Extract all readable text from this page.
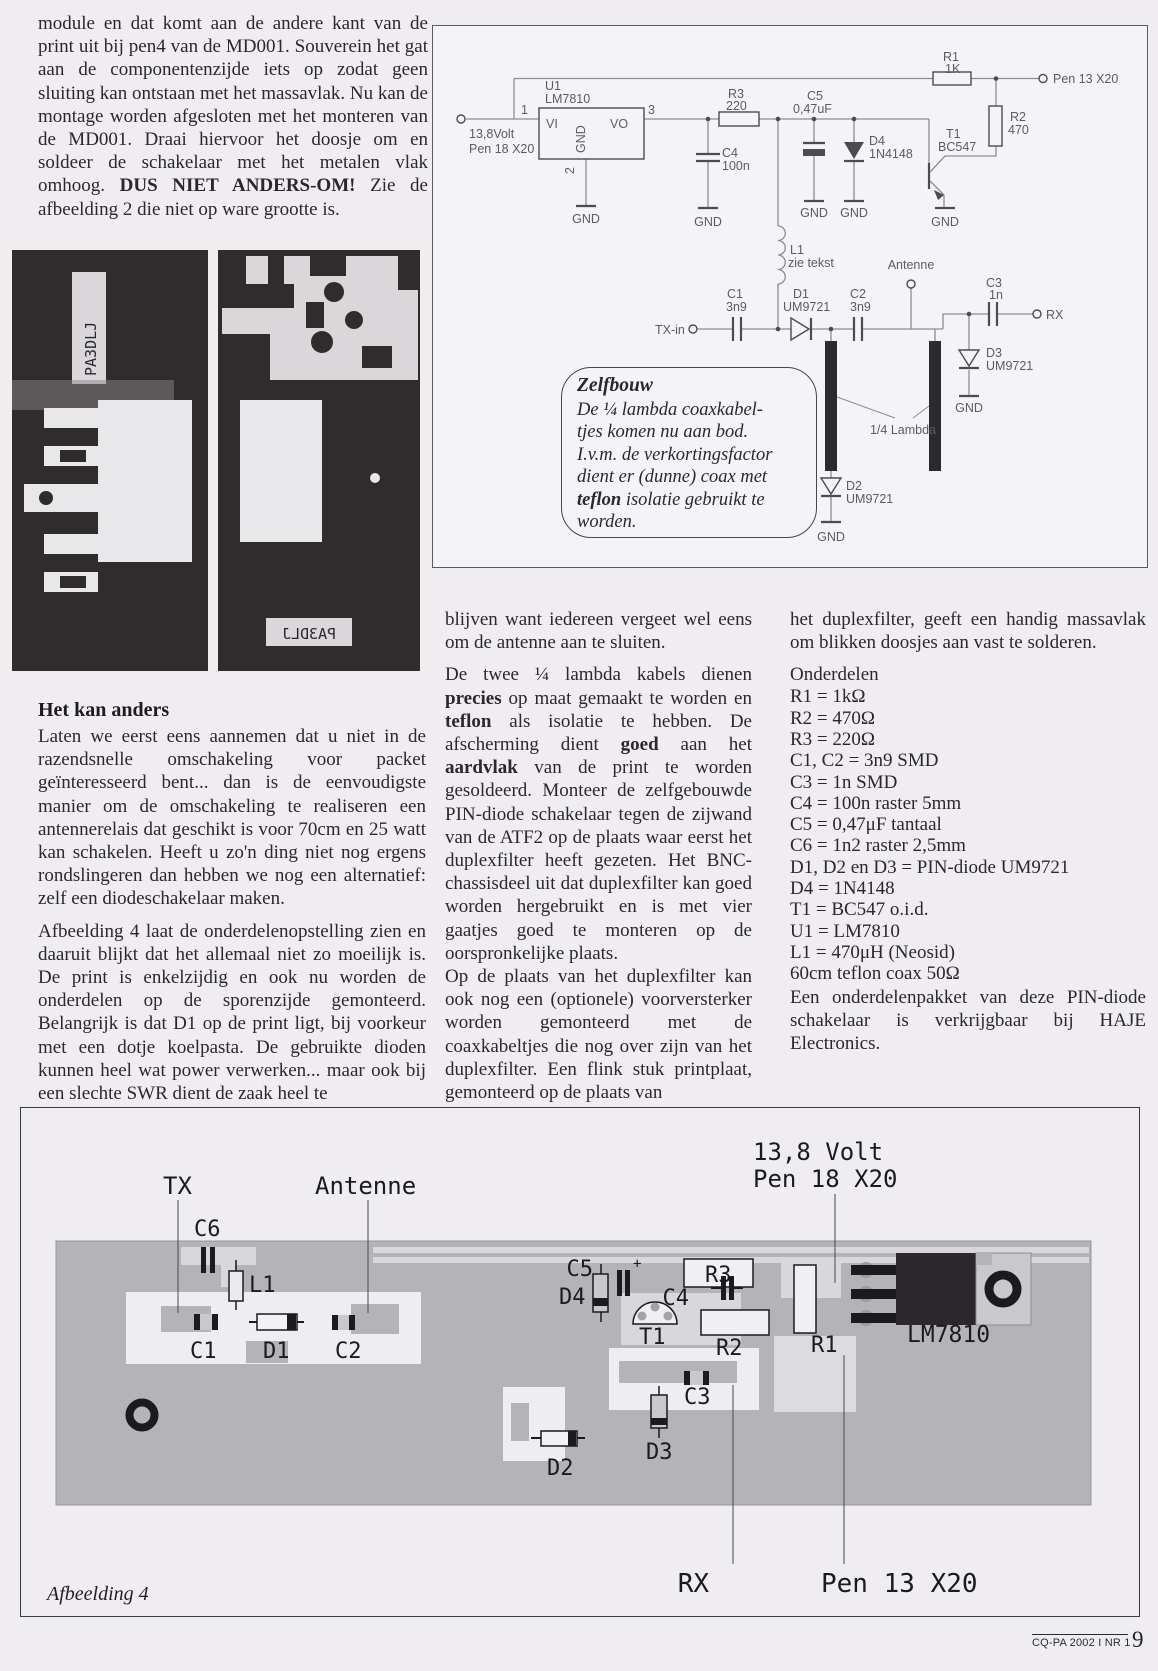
module en dat komt aan de andere kant van de print uit bij pen4 van de MD001. Souverein het gat aan de componentenzijde iets op zodat geen sluiting kan ontstaan met het massavlak. Nu kan de montage worden afgesloten met het monteren van de MD001. Draai hiervoor het doosje om en soldeer de schakelaar met het metalen vlak omhoog. DUS NIET ANDERS-OM! Zie de afbeelding 2 die niet op ware grootte is.

PA3DLJ
PA3DLJ
13,8Volt
Pen 18 X20
1	3
2
U1
LM7810
VI	VO
GND
R3
220
C4
100n
R1
1K
Pen 13 X20
R2
470
C5
0,47uF
D4
1N4148
T1
BC547
L1
zie tekst	Antenne
TX-in
C1
3n9
D1
UM9721
C2
3n9
C3
1n
RX
D3
UM9721
D2
UM9721
1/4 Lambda
GND	GND
GND GND
GND
GND
GND
Zelfbouw
De ¼ lambda coaxkabel-
tjes komen nu aan bod.
I.v.m. de verkortingsfactor
dient er (dunne) coax met
teflon isolatie gebruikt te
worden.
Het kan anders

Laten we eerst eens aannemen dat u niet in de razendsnelle omschakeling voor packet geïnteresseerd bent... dan is de eenvoudigste manier om de omschakeling te realiseren een antennerelais dat geschikt is voor 70cm en 25 watt kan schakelen. Heeft u zo'n ding niet nog ergens rondslingeren dan hebben we nog een alternatief: zelf een diodeschakelaar maken.

Afbeelding 4 laat de onderdelenopstelling zien en daaruit blijkt dat het allemaal niet zo moeilijk is. De print is enkelzijdig en ook nu worden de onderdelen op de sporenzijde gemonteerd. Belangrijk is dat D1 op de print ligt, bij voorkeur met een dotje koelpasta. De gebruikte dioden kunnen heel wat power verwerken... maar ook bij een slechte SWR dient de zaak heel te

blijven want iedereen vergeet wel eens om de antenne aan te sluiten.

De twee ¼ lambda kabels dienen precies op maat gemaakt te worden en teflon als isolatie te hebben. De afscherming dient goed aan het aardvlak van de print te worden gesoldeerd. Monteer de zelfgebouwde PIN-diode schakelaar tegen de zijwand van de ATF2 op de plaats waar eerst het duplexfilter heeft gezeten. Het BNC-chassisdeel uit dat duplexfilter kan goed worden hergebruikt en is met vier gaatjes goed te monteren op de oorspronkelijke plaats.

Op de plaats van het duplexfilter kan ook nog een (optionele) voorversterker worden gemonteerd met de coaxkabeltjes die nog over zijn van het duplexfilter. Een flink stuk printplaat, gemonteerd op de plaats van

het duplexfilter, geeft een handig massavlak om blikken doosjes aan vast te solderen.

Onderdelen
R1 = 1kΩ
R2 = 470Ω
R3 = 220Ω
C1, C2 = 3n9 SMD
C3 = 1n SMD
C4 = 100n raster 5mm
C5 = 0,47μF tantaal
C6 = 1n2 raster 2,5mm
D1, D2 en D3 = PIN-diode UM9721
D4 = 1N4148
T1 = BC547 o.i.d.
U1 = LM7810
L1 = 470μH (Neosid)
60cm teflon coax 50Ω

Een onderdelenpakket van deze PIN-diode schakelaar is verkrijgbaar bij HAJE Electronics.

TX	Antenne
C6
13,8 Volt
Pen 18 X20
L1
C1 D1 C2
D4
C5	+	R3
C4
T1 R2
C3
D3
D2
R1	LM7810
RX	Pen 13 X20
Afbeelding 4
CQ-PA 2002 I NR 1 9
